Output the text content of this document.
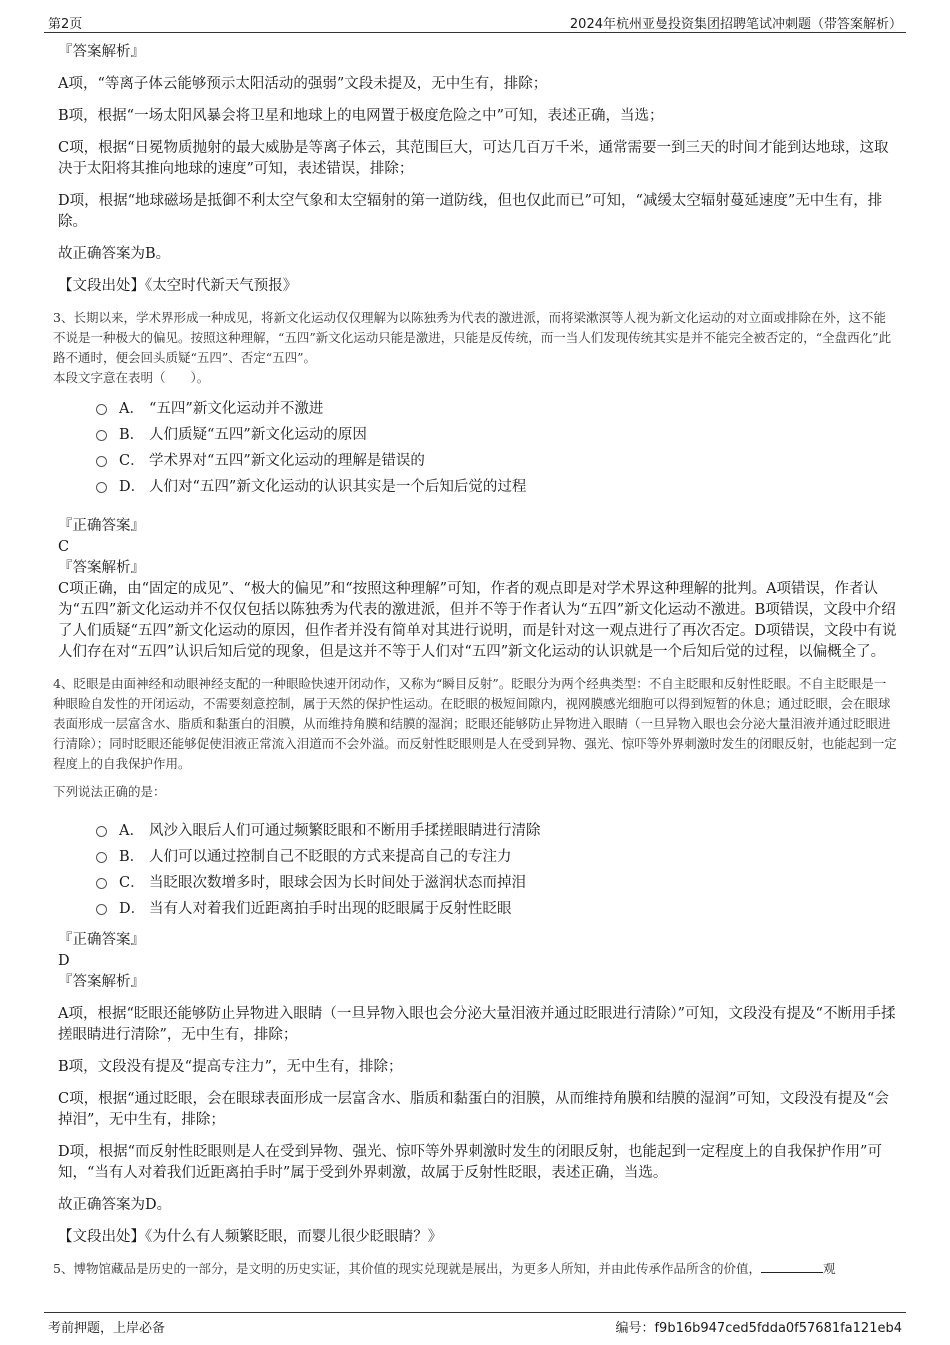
第2页	2024年杭州亚曼投资集团招聘笔试冲刺题（带答案解析）

『答案解析』

A项，“等离子体云能够预示太阳活动的强弱”文段未提及，无中生有，排除；

B项，根据“一场太阳风暴会将卫星和地球上的电网置于极度危险之中”可知，表述正确，当选；

C项，根据“日冕物质抛射的最大威胁是等离子体云，其范围巨大，可达几百万千米，通常需要一到三天的时间才能到达地球，这取决于太阳将其推向地球的速度”可知，表述错误，排除；

D项，根据“地球磁场是抵御不利太空气象和太空辐射的第一道防线，但也仅此而已”可知，“减缓太空辐射蔓延速度”无中生有，排除。

故正确答案为B。

【文段出处】《太空时代新天气预报》

3、长期以来，学术界形成一种成见，将新文化运动仅仅理解为以陈独秀为代表的激进派，而将梁漱溟等人视为新文化运动的对立面或排除在外，这不能不说是一种极大的偏见。按照这种理解，“五四”新文化运动只能是激进，只能是反传统，而一当人们发现传统其实是并不能完全被否定的，“全盘西化”此路不通时，便会回头质疑“五四”、否定“五四”。

本段文字意在表明（　　）。

A． “五四”新文化运动并不激进
B． 人们质疑“五四”新文化运动的原因
C． 学术界对“五四”新文化运动的理解是错误的
D． 人们对“五四”新文化运动的认识其实是一个后知后觉的过程

『正确答案』

C

『答案解析』

C项正确，由“固定的成见”、“极大的偏见”和“按照这种理解”可知，作者的观点即是对学术界这种理解的批判。A项错误，作者认为“五四”新文化运动并不仅仅包括以陈独秀为代表的激进派，但并不等于作者认为“五四”新文化运动不激进。B项错误，文段中介绍了人们质疑“五四”新文化运动的原因，但作者并没有简单对其进行说明，而是针对这一观点进行了再次否定。D项错误，文段中有说人们存在对“五四”认识后知后觉的现象，但是这并不等于人们对“五四”新文化运动的认识就是一个后知后觉的过程，以偏概全了。

4、眨眼是由面神经和动眼神经支配的一种眼睑快速开闭动作，又称为“瞬目反射”。眨眼分为两个经典类型：不自主眨眼和反射性眨眼。不自主眨眼是一种眼睑自发性的开闭运动，不需要刻意控制，属于天然的保护性运动。在眨眼的极短间隙内，视网膜感光细胞可以得到短暂的休息；通过眨眼，会在眼球表面形成一层富含水、脂质和黏蛋白的泪膜，从而维持角膜和结膜的湿润；眨眼还能够防止异物进入眼睛（一旦异物入眼也会分泌大量泪液并通过眨眼进行清除）；同时眨眼还能够促使泪液正常流入泪道而不会外溢。而反射性眨眼则是人在受到异物、强光、惊吓等外界刺激时发生的闭眼反射，也能起到一定程度上的自我保护作用。

下列说法正确的是：

A． 风沙入眼后人们可通过频繁眨眼和不断用手揉搓眼睛进行清除
B． 人们可以通过控制自己不眨眼的方式来提高自己的专注力
C． 当眨眼次数增多时，眼球会因为长时间处于滋润状态而掉泪
D． 当有人对着我们近距离拍手时出现的眨眼属于反射性眨眼

『正确答案』

D

『答案解析』

A项，根据“眨眼还能够防止异物进入眼睛（一旦异物入眼也会分泌大量泪液并通过眨眼进行清除）”可知，文段没有提及“不断用手揉搓眼睛进行清除”，无中生有，排除；

B项，文段没有提及“提高专注力”，无中生有，排除；

C项，根据“通过眨眼，会在眼球表面形成一层富含水、脂质和黏蛋白的泪膜，从而维持角膜和结膜的湿润”可知，文段没有提及“会掉泪”，无中生有，排除；

D项，根据“而反射性眨眼则是人在受到异物、强光、惊吓等外界刺激时发生的闭眼反射，也能起到一定程度上的自我保护作用”可知，“当有人对着我们近距离拍手时”属于受到外界刺激，故属于反射性眨眼，表述正确，当选。

故正确答案为D。

【文段出处】《为什么有人频繁眨眼，而婴儿很少眨眼睛？》

5、博物馆藏品是历史的一部分，是文明的历史实证，其价值的现实兑现就是展出，为更多人所知，并由此传承作品所含的价值，	观

考前押题，上岸必备	编号：f9b16b947ced5fdda0f57681fa121eb4
